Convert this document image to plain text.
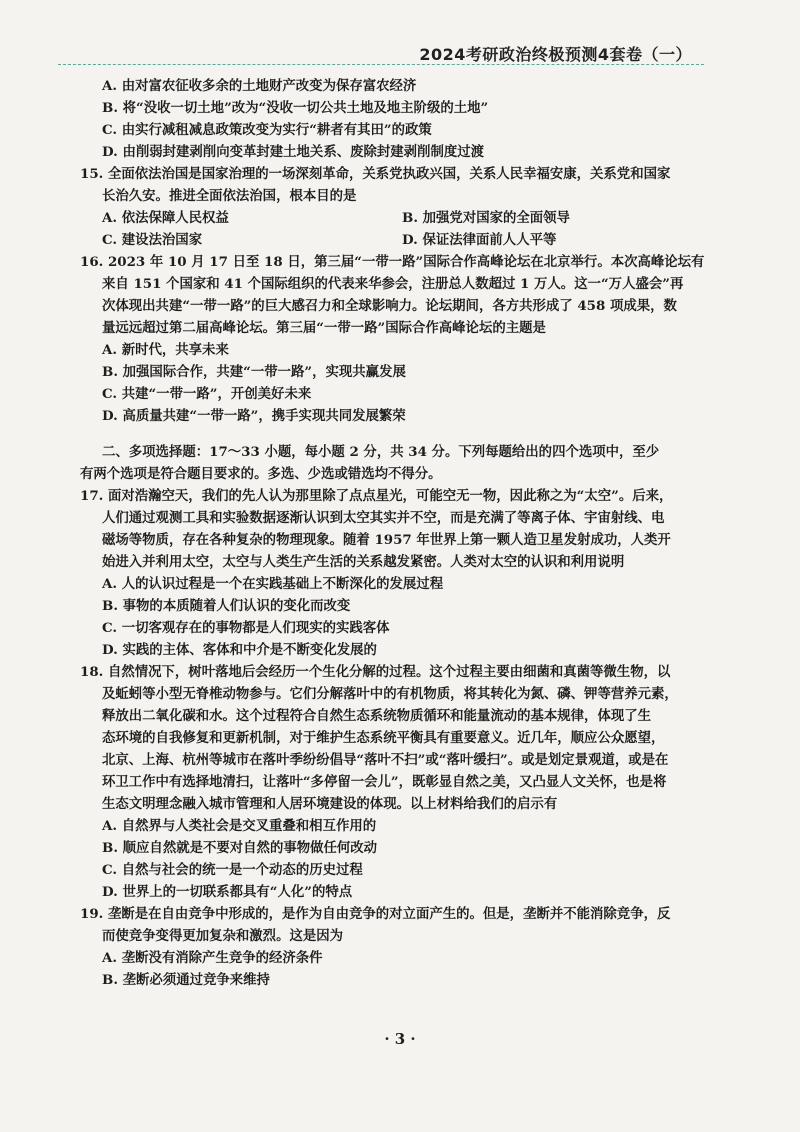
2024考研政治终极预测4套卷（一）
A. 由对富农征收多余的土地财产改变为保存富农经济
B. 将“没收一切土地”改为“没收一切公共土地及地主阶级的土地”
C. 由实行减租减息政策改变为实行“耕者有其田”的政策
D. 由削弱封建剥削向变革封建土地关系、废除封建剥削制度过渡
15. 全面依法治国是国家治理的一场深刻革命，关系党执政兴国，关系人民幸福安康，关系党和国家
长治久安。推进全面依法治国，根本目的是
A. 依法保障人民权益	B. 加强党对国家的全面领导
C. 建设法治国家	D. 保证法律面前人人平等
16. 2023 年 10 月 17 日至 18 日，第三届“一带一路”国际合作高峰论坛在北京举行。本次高峰论坛有
来自 151 个国家和 41 个国际组织的代表来华参会，注册总人数超过 1 万人。这一“万人盛会”再
次体现出共建“一带一路”的巨大感召力和全球影响力。论坛期间，各方共形成了 458 项成果，数
量远远超过第二届高峰论坛。第三届“一带一路”国际合作高峰论坛的主题是
A. 新时代，共享未来
B. 加强国际合作，共建“一带一路”，实现共赢发展
C. 共建“一带一路”，开创美好未来
D. 高质量共建“一带一路”，携手实现共同发展繁荣
二、多项选择题：17～33 小题，每小题 2 分，共 34 分。下列每题给出的四个选项中，至少
有两个选项是符合题目要求的。多选、少选或错选均不得分。
17. 面对浩瀚空天，我们的先人认为那里除了点点星光，可能空无一物，因此称之为“太空”。后来，
人们通过观测工具和实验数据逐渐认识到太空其实并不空，而是充满了等离子体、宇宙射线、电
磁场等物质，存在各种复杂的物理现象。随着 1957 年世界上第一颗人造卫星发射成功，人类开
始进入并利用太空，太空与人类生产生活的关系越发紧密。人类对太空的认识和利用说明
A. 人的认识过程是一个在实践基础上不断深化的发展过程
B. 事物的本质随着人们认识的变化而改变
C. 一切客观存在的事物都是人们现实的实践客体
D. 实践的主体、客体和中介是不断变化发展的
18. 自然情况下，树叶落地后会经历一个生化分解的过程。这个过程主要由细菌和真菌等微生物，以
及蚯蚓等小型无脊椎动物参与。它们分解落叶中的有机物质，将其转化为氮、磷、钾等营养元素，
释放出二氧化碳和水。这个过程符合自然生态系统物质循环和能量流动的基本规律，体现了生
态环境的自我修复和更新机制，对于维护生态系统平衡具有重要意义。近几年，顺应公众愿望，
北京、上海、杭州等城市在落叶季纷纷倡导“落叶不扫”或“落叶缓扫”。或是划定景观道，或是在
环卫工作中有选择地清扫，让落叶“多停留一会儿”，既彰显自然之美，又凸显人文关怀，也是将
生态文明理念融入城市管理和人居环境建设的体现。以上材料给我们的启示有
A. 自然界与人类社会是交叉重叠和相互作用的
B. 顺应自然就是不要对自然的事物做任何改动
C. 自然与社会的统一是一个动态的历史过程
D. 世界上的一切联系都具有“人化”的特点
19. 垄断是在自由竞争中形成的，是作为自由竞争的对立面产生的。但是，垄断并不能消除竞争，反
而使竞争变得更加复杂和激烈。这是因为
A. 垄断没有消除产生竞争的经济条件
B. 垄断必须通过竞争来维持
· 3 ·
